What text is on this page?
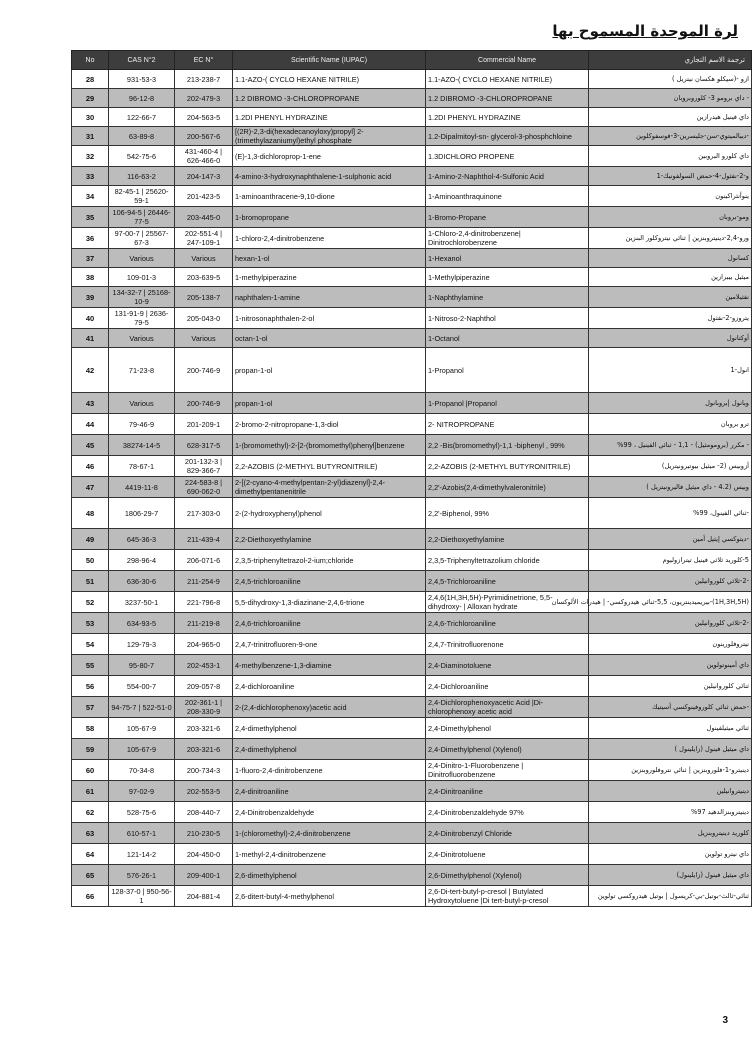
لرة الموحدة المسموح بها
No	CAS N°2	EC N°	Scientific Name (IUPAC)	Commercial Name	ترجمة الاسم التجاري
28	931-53-3	213-238-7	1.1-AZO-( CYCLO HEXANE NITRILE)	1.1-AZO-( CYCLO HEXANE NITRILE)	ازو -(سيكلو هكسان نيتريل )
29	96-12-8	202-479-3	1.2 DIBROMO -3-CHLOROPROPANE	1.2 DIBROMO -3-CHLOROPROPANE	- داي برومو 3- كلوروبروبان
30	122-66-7	204-563-5	1.2DI PHENYL HYDRAZINE	1.2DI PHENYL HYDRAZINE	داي فينيل هيدرازين
31	63-89-8	200-567-6	[(2R)-2,3-di(hexadecanoyloxy)propyl] 2-(trimethylazaniumyl)ethyl phosphate	1.2-Dipalmitoyl-sn- glycerol-3-phosphchloine	-ديبالميتوي-سن-جليسرين-3-فوسفوكلوين
32	542-75-6	431-460-4 | 626-466-0	(E)-1,3-dichloroprop-1-ene	1.3DICHLORO PROPENE	داي كلورو البروبين
33	116-63-2	204-147-3	4-amino-3-hydroxynaphthalene-1-sulphonic acid	1-Amino-2-Naphthol-4-Sulfonic Acid	و-2-نفثول-4-حمض السولفونيك-1
34	82-45-1 | 25620-59-1	201-423-5	1-aminoanthracene-9,10-dione	1-Aminoanthraquinone	ينوأنثراكينون
35	106-94-5 | 26446-77-5	203-445-0	1-bromopropane	1-Bromo-Propane	ومو-بروبان
36	97-00-7 | 25567-67-3	202-551-4 | 247-109-1	1-chloro-2,4-dinitrobenzene	1-Chloro-2,4-dinitrobenzene| Dinitrochlorobenzene	ورو-2,4-دينيتروبنزين | ثنائي نيتروكلور البنزين
37	Various	Various	hexan-1-ol	1-Hexanol	كسانول
38	109-01-3	203-639-5	1-methylpiperazine	1-Methylpiperazine	ميثيل بيبرازين
39	134-32-7 | 25168-10-9	205-138-7	naphthalen-1-amine	1-Naphthylamine	نفثيلامين
40	131-91-9 | 2636-79-5	205-043-0	1-nitrosonaphthalen-2-ol	1-Nitroso-2-Naphthol	يتروزو-2-نفثول
41	Various	Various	octan-1-ol	1-Octanol	أوكتانول
42	71-23-8	200-746-9	propan-1-ol	1-Propanol	انول-1
43	Various	200-746-9	propan-1-ol	1-Propanol |Propanol	وبانول |بروبانول
44	79-46-9	201-209-1	2-bromo-2-nitropropane-1,3-diol	2- NITROPROPANE	ترو بروبان
45	38274-14-5	628-317-5	1-(bromomethyl)-2-[2-(bromomethyl)phenyl]benzene	2,2 -Bis(bromomethyl)-1,1 -biphenyl , 99%	- مكرر (برومومثيل) - 1,1 - ثنائي الفينيل ، 99%
46	78-67-1	201-132-3 | 829-366-7	2,2-AZOBIS (2-METHYL BUTYRONITRILE)	2,2-AZOBIS (2-METHYL BUTYRONITRILE)	أزوبيس (2- ميثيل بيوتيرونيتريل)
47	4419-11-8	224-583-8 | 690-062-0	2-[(2-cyano-4-methylpentan-2-yl)diazenyl]-2,4-dimethylpentanenitrile	2,2'-Azobis(2,4-dimethylvaleronitrile)	وبيس (4.2 - داي ميثيل فاليرونيتريل )
48	1806-29-7	217-303-0	2-(2-hydroxyphenyl)phenol	2,2'-Biphenol, 99%	-ثنائي الفينول، 99%
49	645-36-3	211-439-4	2,2-Diethoxyethylamine	2,2-Diethoxyethylamine	-ديثوكسي إيثيل أمين
50	298-96-4	206-071-6	2,3,5-triphenyltetrazol-2-ium;chloride	2,3,5-Triphenyltetrazolium chloride	5-كلوريد ثلاثي فينيل تيترازوليوم
51	636-30-6	211-254-9	2,4,5-trichloroaniline	2,4,5-Trichloroaniline	-2-ثلاثي كلوروانيلين
52	3237-50-1	221-796-8	5,5-dihydroxy-1,3-diazinane-2,4,6-trione	2,4,6(1H,3H,5H)-Pyrimidinetrione, 5,5-dihydroxy- | Alloxan hydrate	(1H,3H,5H)-بيريميدينتريون، 5,5-ثنائي هيدروكسي- | هيدرات الألوكسان
53	634-93-5	211-219-8	2,4,6-trichloroaniline	2,4,6-Trichloroaniline	-2-ثلاثي كلوروانيلين
54	129-79-3	204-965-0	2,4,7-trinitrofluoren-9-one	2,4,7-Trinitrofluorenone	نيتروفلورينون
55	95-80-7	202-453-1	4-methylbenzene-1,3-diamine	2,4-Diaminotoluene	داي أمينوتولوين
56	554-00-7	209-057-8	2,4-dichloroaniline	2,4-Dichloroaniline	ثنائي كلوروانيلين
57	94-75-7 | 522-51-0	202-361-1 | 208-330-9	2-(2,4-dichlorophenoxy)acetic acid	2,4-Dichlorophenoxyacetic Acid |Di-chlorophenoxy acetic acid	-حمض ثنائي كلوروفينوكسي أسيتيك
58	105-67-9	203-321-6	2,4-dimethylphenol	2,4-Dimethylphenol	ثنائي ميثيلفينول
59	105-67-9	203-321-6	2,4-dimethylphenol	2,4-Dimethylphenol (Xylenol)	داي ميثيل فينول (زايلينول )
60	70-34-8	200-734-3	1-fluoro-2,4-dinitrobenzene	2,4-Dinitro-1-Fluorobenzene | Dinitrofluorobenzene	دينيترو-1-فلوروبنزين | ثنائي نتروفلوروبنزين
61	97-02-9	202-553-5	2,4-dinitroaniline	2,4-Dinitroaniline	دينيتروانيلين
62	528-75-6	208-440-7	2,4-Dinitrobenzaldehyde	2,4-Dinitrobenzaldehyde 97%	دينيتروبنزالدهيد 97%
63	610-57-1	210-230-5	1-(chloromethyl)-2,4-dinitrobenzene	2,4-Dinitrobenzyl Chloride	كلوريد دينيتروبنزيل
64	121-14-2	204-450-0	1-methyl-2,4-dinitrobenzene	2,4-Dinitrotoluene	داي نيترو تولوين
65	576-26-1	209-400-1	2,6-dimethylphenol	2,6-Dimethylphenol (Xylenol)	داي ميثيل فينول (زايلينول)
66	128-37-0 | 950-56-1	204-881-4	2,6-ditert-butyl-4-methylphenol	2,6-Di-tert-butyl-p-cresol | Butylated Hydroxytoluene |Di tert-butyl-p-cresol	ثنائي-ثالث-بوتيل-بي-كريسول | بوتيل هيدروكسي تولوين
3
